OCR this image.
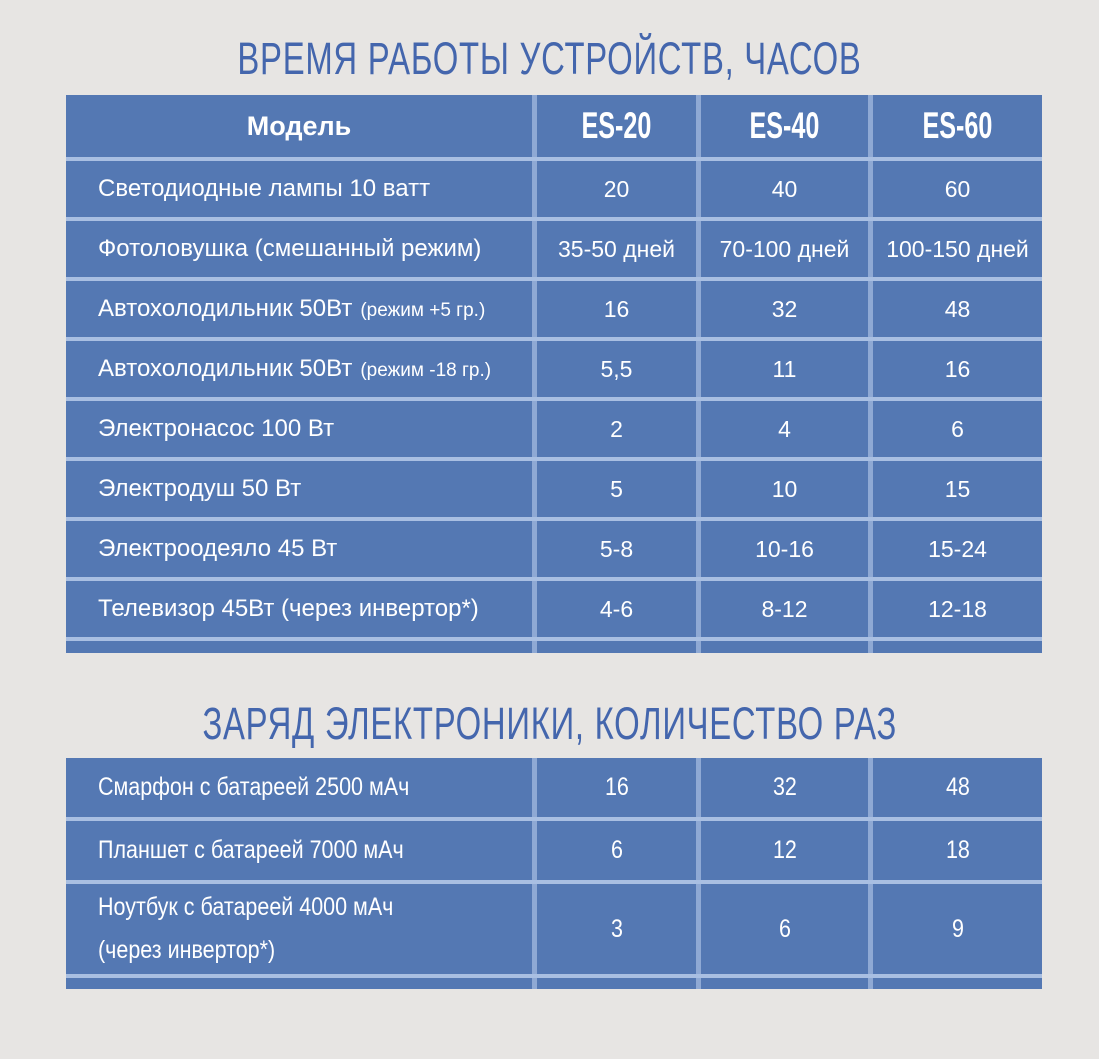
ВРЕМЯ РАБОТЫ УСТРОЙСТВ, ЧАСОВ
Модель	ES-20	ES-40	ES-60
Светодиодные лампы 10 ватт	20	40	60
Фотоловушка (смешанный режим)	35-50 дней 70-100 дней 100-150 дней
Автохолодильник 50Вт (режим +5 гр.)	16	32	48
Автохолодильник 50Вт (режим -18 гр.)	5,5	11	16
Электронасос 100 Вт	2	4	6
Электродуш 50 Вт	5	10	15
Электроодеяло 45 Вт	5-8	10-16	15-24
Телевизор 45Вт (через инвертор*)	4-6	8-12	12-18
ЗАРЯД ЭЛЕКТРОНИКИ, КОЛИЧЕСТВО РАЗ
Смарфон с батареей 2500 мАч	16	32	48
Планшет с батареей 7000 мАч	6	12	18
Ноутбук с батареей 4000 мАч
(через инвертор*)
3	6	9
